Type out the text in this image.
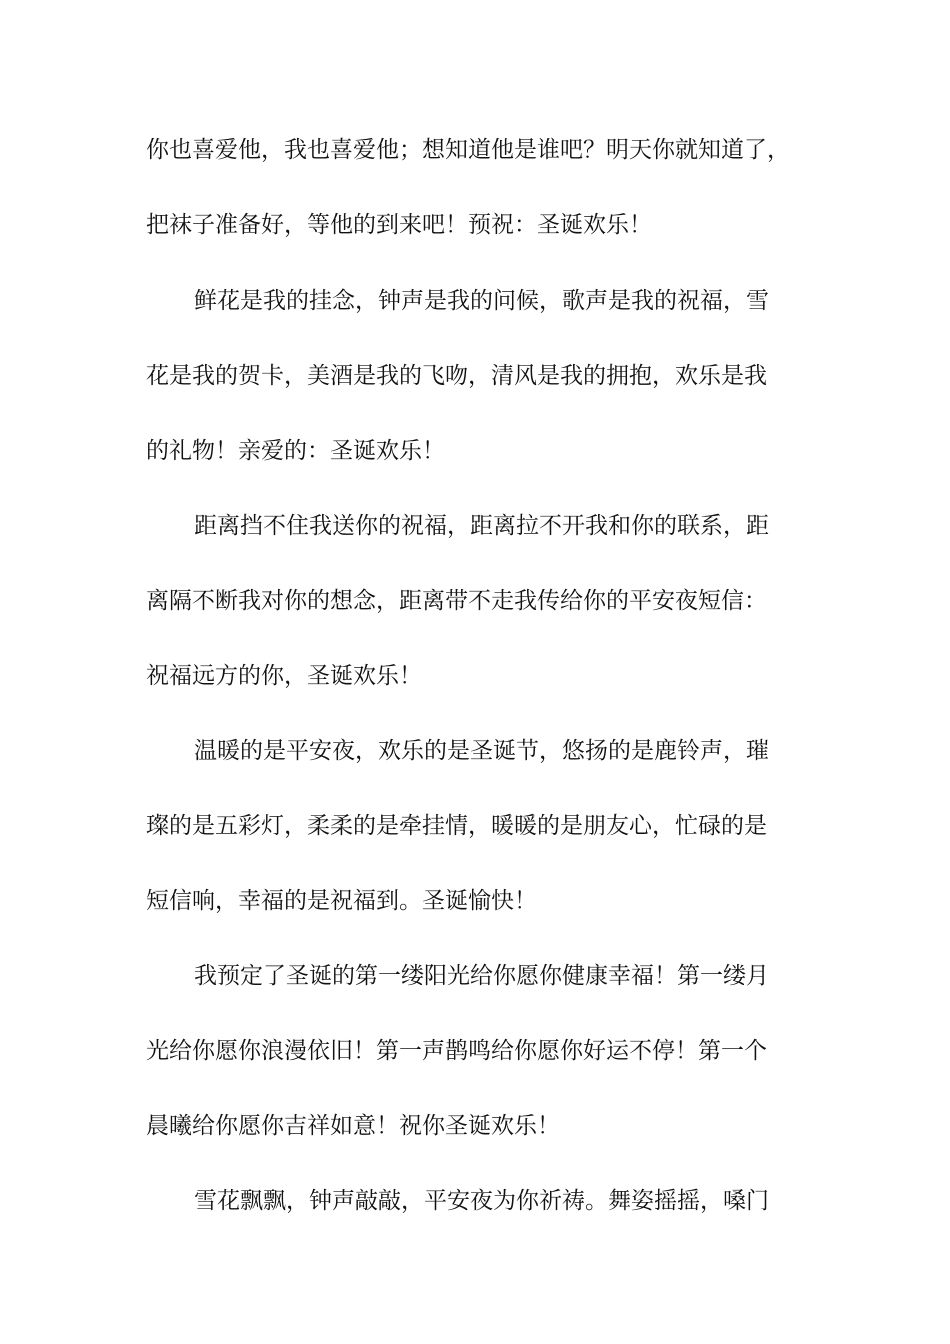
你也喜爱他，我也喜爱他；想知道他是谁吧？明天你就知道了，
把袜子准备好，等他的到来吧！预祝：圣诞欢乐！
鲜花是我的挂念，钟声是我的问候，歌声是我的祝福，雪
花是我的贺卡，美酒是我的飞吻，清风是我的拥抱，欢乐是我
的礼物！亲爱的：圣诞欢乐！
距离挡不住我送你的祝福，距离拉不开我和你的联系，距
离隔不断我对你的想念，距离带不走我传给你的平安夜短信：
祝福远方的你，圣诞欢乐！
温暖的是平安夜，欢乐的是圣诞节，悠扬的是鹿铃声，璀
璨的是五彩灯，柔柔的是牵挂情，暖暖的是朋友心，忙碌的是
短信响，幸福的是祝福到。圣诞愉快！
我预定了圣诞的第一缕阳光给你愿你健康幸福！第一缕月
光给你愿你浪漫依旧！第一声鹊鸣给你愿你好运不停！第一个
晨曦给你愿你吉祥如意！祝你圣诞欢乐！
雪花飘飘，钟声敲敲，平安夜为你祈祷。舞姿摇摇，嗓门
